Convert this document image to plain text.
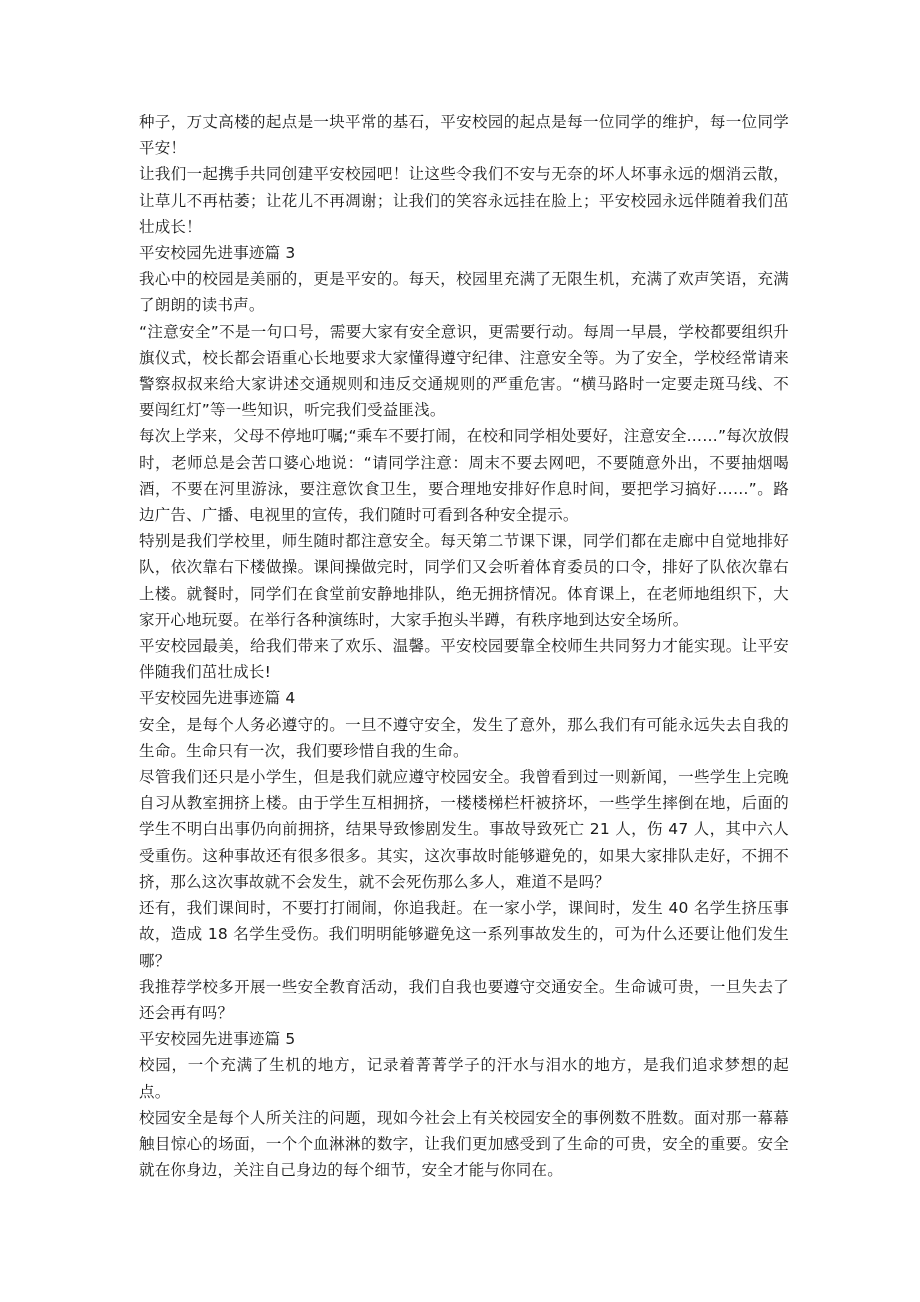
种子，万丈高楼的起点是一块平常的基石，平安校园的起点是每一位同学的维护，每一位同学平安！

让我们一起携手共同创建平安校园吧！让这些令我们不安与无奈的坏人坏事永远的烟消云散，让草儿不再枯萎；让花儿不再凋谢；让我们的笑容永远挂在脸上；平安校园永远伴随着我们茁壮成长！

平安校园先进事迹篇 3

我心中的校园是美丽的，更是平安的。每天，校园里充满了无限生机，充满了欢声笑语，充满了朗朗的读书声。

“注意安全”不是一句口号，需要大家有安全意识，更需要行动。每周一早晨，学校都要组织升旗仪式，校长都会语重心长地要求大家懂得遵守纪律、注意安全等。为了安全，学校经常请来警察叔叔来给大家讲述交通规则和违反交通规则的严重危害。“横马路时一定要走斑马线、不要闯红灯”等一些知识，听完我们受益匪浅。

每次上学来，父母不停地叮嘱;“乘车不要打闹，在校和同学相处要好，注意安全……”每次放假时，老师总是会苦口婆心地说：“请同学注意：周末不要去网吧，不要随意外出，不要抽烟喝酒，不要在河里游泳，要注意饮食卫生，要合理地安排好作息时间，要把学习搞好……”。路边广告、广播、电视里的宣传，我们随时可看到各种安全提示。

特别是我们学校里，师生随时都注意安全。每天第二节课下课，同学们都在走廊中自觉地排好队，依次靠右下楼做操。课间操做完时，同学们又会听着体育委员的口令，排好了队依次靠右上楼。就餐时，同学们在食堂前安静地排队，绝无拥挤情况。体育课上，在老师地组织下，大家开心地玩耍。在举行各种演练时，大家手抱头半蹲，有秩序地到达安全场所。

平安校园最美，给我们带来了欢乐、温馨。平安校园要靠全校师生共同努力才能实现。让平安伴随我们茁壮成长!

平安校园先进事迹篇 4

安全，是每个人务必遵守的。一旦不遵守安全，发生了意外，那么我们有可能永远失去自我的生命。生命只有一次，我们要珍惜自我的生命。

尽管我们还只是小学生，但是我们就应遵守校园安全。我曾看到过一则新闻，一些学生上完晚自习从教室拥挤上楼。由于学生互相拥挤，一楼楼梯栏杆被挤坏，一些学生摔倒在地，后面的学生不明白出事仍向前拥挤，结果导致惨剧发生。事故导致死亡 21 人，伤 47 人，其中六人受重伤。这种事故还有很多很多。其实，这次事故时能够避免的，如果大家排队走好，不拥不挤，那么这次事故就不会发生，就不会死伤那么多人，难道不是吗？

还有，我们课间时，不要打打闹闹，你追我赶。在一家小学，课间时，发生 40 名学生挤压事故，造成 18 名学生受伤。我们明明能够避免这一系列事故发生的，可为什么还要让他们发生哪？

我推荐学校多开展一些安全教育活动，我们自我也要遵守交通安全。生命诚可贵，一旦失去了还会再有吗？

平安校园先进事迹篇 5

校园，一个充满了生机的地方，记录着菁菁学子的汗水与泪水的地方，是我们追求梦想的起点。

校园安全是每个人所关注的问题，现如今社会上有关校园安全的事例数不胜数。面对那一幕幕触目惊心的场面，一个个血淋淋的数字，让我们更加感受到了生命的可贵，安全的重要。安全就在你身边，关注自己身边的每个细节，安全才能与你同在。
